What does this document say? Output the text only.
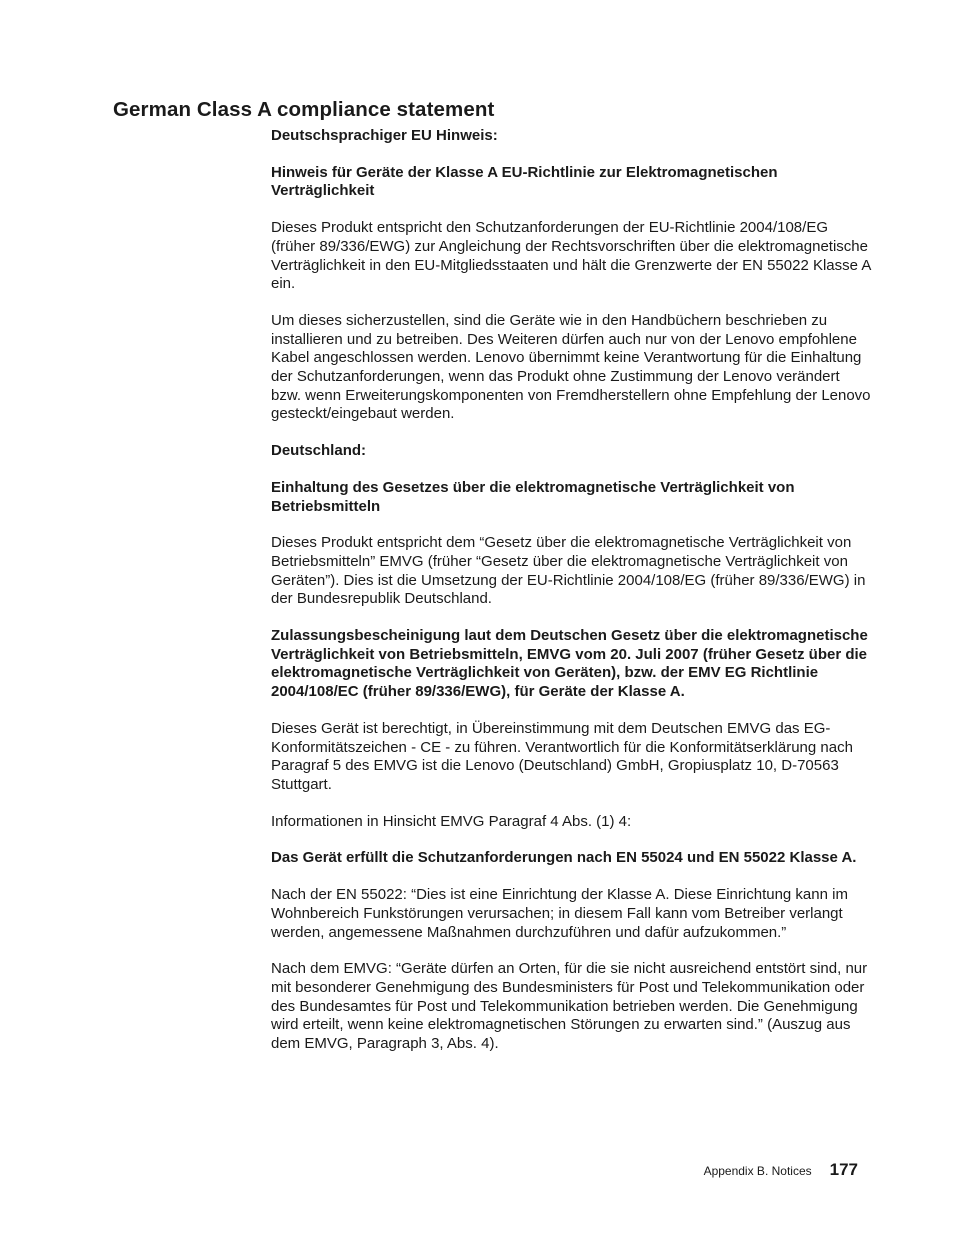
German Class A compliance statement

Deutschsprachiger EU Hinweis:

Hinweis für Geräte der Klasse A EU-Richtlinie zur Elektromagnetischen Verträglichkeit

Dieses Produkt entspricht den Schutzanforderungen der EU-Richtlinie 2004/108/EG (früher 89/336/EWG) zur Angleichung der Rechtsvorschriften über die elektromagnetische Verträglichkeit in den EU-Mitgliedsstaaten und hält die Grenzwerte der EN 55022 Klasse A ein.

Um dieses sicherzustellen, sind die Geräte wie in den Handbüchern beschrieben zu installieren und zu betreiben. Des Weiteren dürfen auch nur von der Lenovo empfohlene Kabel angeschlossen werden. Lenovo übernimmt keine Verantwortung für die Einhaltung der Schutzanforderungen, wenn das Produkt ohne Zustimmung der Lenovo verändert bzw. wenn Erweiterungskomponenten von Fremdherstellern ohne Empfehlung der Lenovo gesteckt/eingebaut werden.

Deutschland:

Einhaltung des Gesetzes über die elektromagnetische Verträglichkeit von Betriebsmitteln

Dieses Produkt entspricht dem “Gesetz über die elektromagnetische Verträglichkeit von Betriebsmitteln” EMVG (früher “Gesetz über die elektromagnetische Verträglichkeit von Geräten”). Dies ist die Umsetzung der EU-Richtlinie 2004/108/EG (früher 89/336/EWG) in der Bundesrepublik Deutschland.

Zulassungsbescheinigung laut dem Deutschen Gesetz über die elektromagnetische Verträglichkeit von Betriebsmitteln, EMVG vom 20. Juli 2007 (früher Gesetz über die elektromagnetische Verträglichkeit von Geräten), bzw. der EMV EG Richtlinie 2004/108/EC (früher 89/336/EWG), für Geräte der Klasse A.

Dieses Gerät ist berechtigt, in Übereinstimmung mit dem Deutschen EMVG das EG-Konformitätszeichen - CE - zu führen. Verantwortlich für die Konformitätserklärung nach Paragraf 5 des EMVG ist die Lenovo (Deutschland) GmbH, Gropiusplatz 10, D-70563 Stuttgart.

Informationen in Hinsicht EMVG Paragraf 4 Abs. (1) 4:

Das Gerät erfüllt die Schutzanforderungen nach EN 55024 und EN 55022 Klasse A.

Nach der EN 55022: “Dies ist eine Einrichtung der Klasse A. Diese Einrichtung kann im Wohnbereich Funkstörungen verursachen; in diesem Fall kann vom Betreiber verlangt werden, angemessene Maßnahmen durchzuführen und dafür aufzukommen.”

Nach dem EMVG: “Geräte dürfen an Orten, für die sie nicht ausreichend entstört sind, nur mit besonderer Genehmigung des Bundesministers für Post und Telekommunikation oder des Bundesamtes für Post und Telekommunikation betrieben werden. Die Genehmigung wird erteilt, wenn keine elektromagnetischen Störungen zu erwarten sind.” (Auszug aus dem EMVG, Paragraph 3, Abs. 4).

Appendix B. Notices 177
